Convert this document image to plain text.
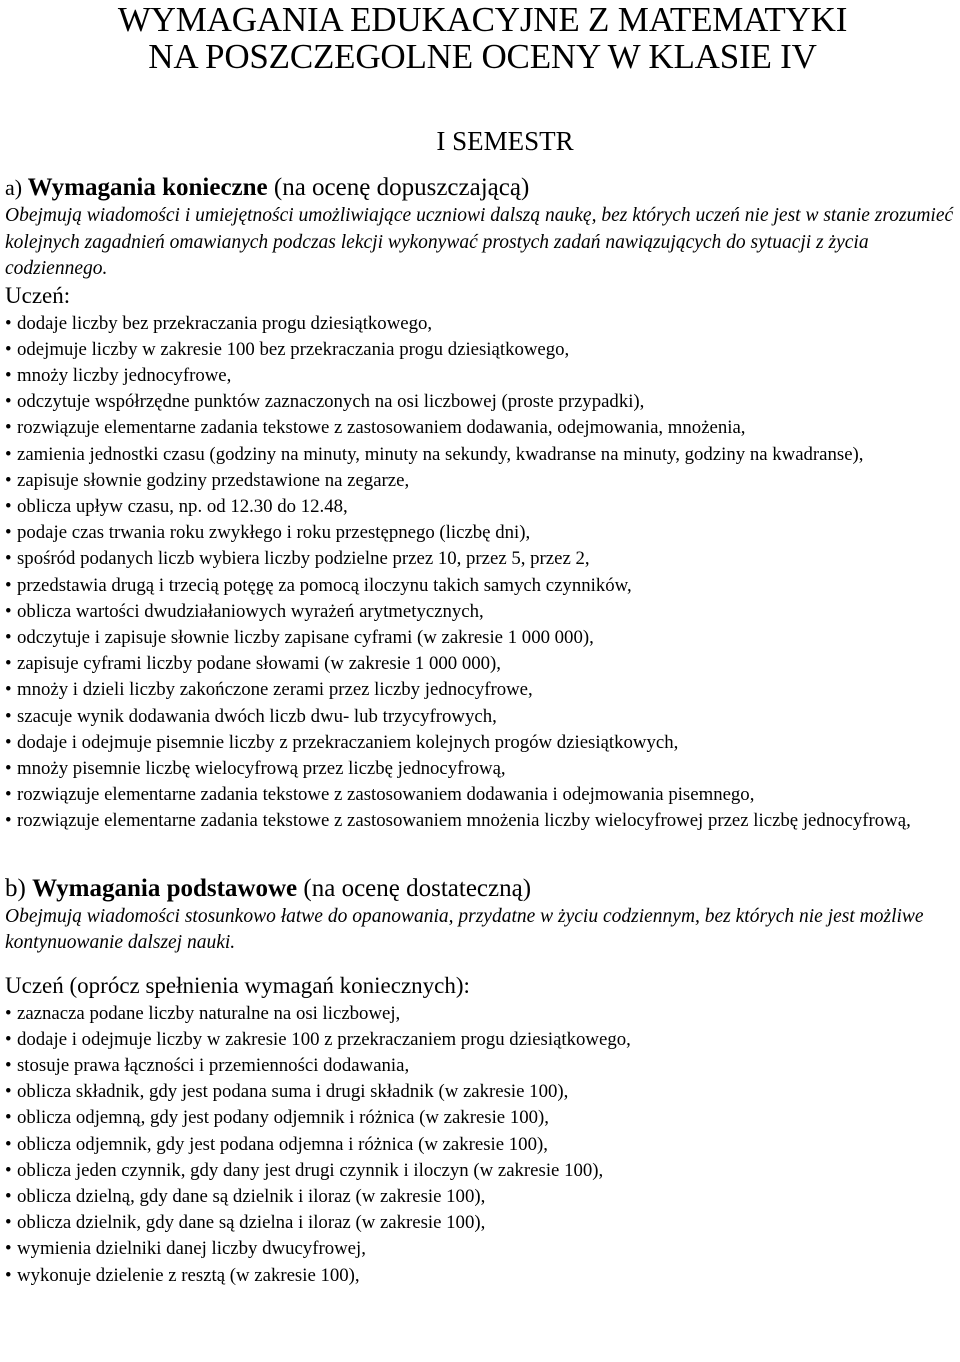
WYMAGANIA EDUKACYJNE Z MATEMATYKI
NA POSZCZEGOLNE OCENY W KLASIE IV
I SEMESTR
a) Wymagania konieczne (na ocenę dopuszczającą)

Obejmują wiadomości i umiejętności umożliwiające uczniowi dalszą naukę, bez których uczeń nie jest w stanie zrozumieć kolejnych zagadnień omawianych podczas lekcji wykonywać prostych zadań nawiązujących do sytuacji z życia codziennego.

Uczeń:

• dodaje liczby bez przekraczania progu dziesiątkowego,
• odejmuje liczby w zakresie 100 bez przekraczania progu dziesiątkowego,
• mnoży liczby jednocyfrowe,
• odczytuje współrzędne punktów zaznaczonych na osi liczbowej (proste przypadki),
• rozwiązuje elementarne zadania tekstowe z zastosowaniem dodawania, odejmowania, mnożenia,
• zamienia jednostki czasu (godziny na minuty, minuty na sekundy, kwadranse na minuty, godziny na kwadranse),
• zapisuje słownie godziny przedstawione na zegarze,
• oblicza upływ czasu, np. od 12.30 do 12.48,
• podaje czas trwania roku zwykłego i roku przestępnego (liczbę dni),
• spośród podanych liczb wybiera liczby podzielne przez 10, przez 5, przez 2,
• przedstawia drugą i trzecią potęgę za pomocą iloczynu takich samych czynników,
• oblicza wartości dwudziałaniowych wyrażeń arytmetycznych,
• odczytuje i zapisuje słownie liczby zapisane cyframi (w zakresie 1 000 000),
• zapisuje cyframi liczby podane słowami (w zakresie 1 000 000),
• mnoży i dzieli liczby zakończone zerami przez liczby jednocyfrowe,
• szacuje wynik dodawania dwóch liczb dwu- lub trzycyfrowych,
• dodaje i odejmuje pisemnie liczby z przekraczaniem kolejnych progów dziesiątkowych,
• mnoży pisemnie liczbę wielocyfrową przez liczbę jednocyfrową,
• rozwiązuje elementarne zadania tekstowe z zastosowaniem dodawania i odejmowania pisemnego,
• rozwiązuje elementarne zadania tekstowe z zastosowaniem mnożenia liczby wielocyfrowej przez liczbę jednocyfrową,
b) Wymagania podstawowe (na ocenę dostateczną)

Obejmują wiadomości stosunkowo łatwe do opanowania, przydatne w życiu codziennym, bez których nie jest możliwe kontynuowanie dalszej nauki.

Uczeń (oprócz spełnienia wymagań koniecznych):

• zaznacza podane liczby naturalne na osi liczbowej,
• dodaje i odejmuje liczby w zakresie 100 z przekraczaniem progu dziesiątkowego,
• stosuje prawa łączności i przemienności dodawania,
• oblicza składnik, gdy jest podana suma i drugi składnik (w zakresie 100),
• oblicza odjemną, gdy jest podany odjemnik i różnica (w zakresie 100),
• oblicza odjemnik, gdy jest podana odjemna i różnica (w zakresie 100),
• oblicza jeden czynnik, gdy dany jest drugi czynnik i iloczyn (w zakresie 100),
• oblicza dzielną, gdy dane są dzielnik i iloraz (w zakresie 100),
• oblicza dzielnik, gdy dane są dzielna i iloraz (w zakresie 100),
• wymienia dzielniki danej liczby dwucyfrowej,
• wykonuje dzielenie z resztą (w zakresie 100),
